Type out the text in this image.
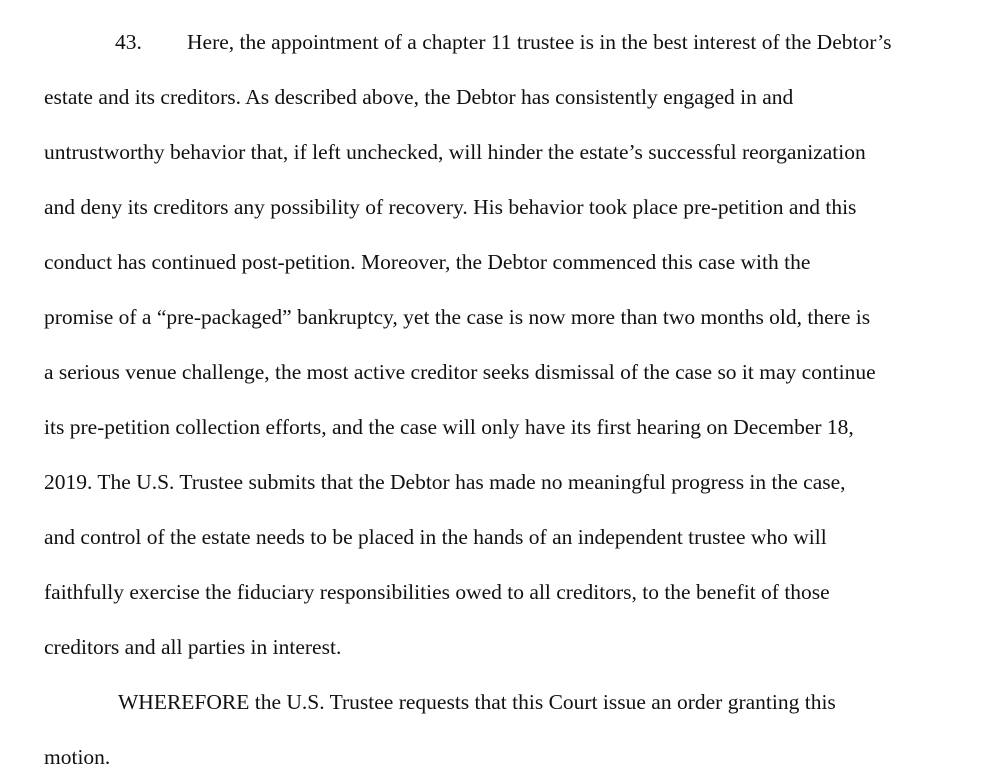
43. Here, the appointment of a chapter 11 trustee is in the best interest of the Debtor’s
estate and its creditors. As described above, the Debtor has consistently engaged in and
untrustworthy behavior that, if left unchecked, will hinder the estate’s successful reorganization
and deny its creditors any possibility of recovery. His behavior took place pre-petition and this
conduct has continued post-petition. Moreover, the Debtor commenced this case with the
promise of a “pre-packaged” bankruptcy, yet the case is now more than two months old, there is
a serious venue challenge, the most active creditor seeks dismissal of the case so it may continue
its pre-petition collection efforts, and the case will only have its first hearing on December 18,
2019. The U.S. Trustee submits that the Debtor has made no meaningful progress in the case,
and control of the estate needs to be placed in the hands of an independent trustee who will
faithfully exercise the fiduciary responsibilities owed to all creditors, to the benefit of those
creditors and all parties in interest.
WHEREFORE the U.S. Trustee requests that this Court issue an order granting this
motion.
